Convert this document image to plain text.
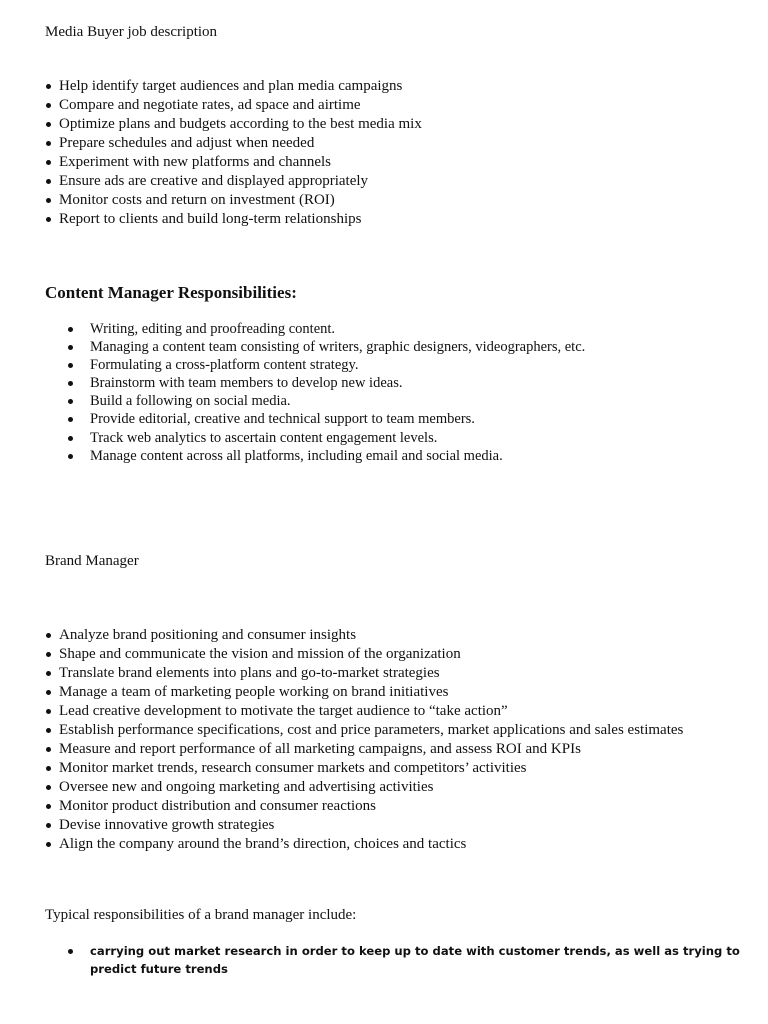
Media Buyer job description

Help identify target audiences and plan media campaigns
Compare and negotiate rates, ad space and airtime
Optimize plans and budgets according to the best media mix
Prepare schedules and adjust when needed
Experiment with new platforms and channels
Ensure ads are creative and displayed appropriately
Monitor costs and return on investment (ROI)
Report to clients and build long-term relationships
Content Manager Responsibilities:
Writing, editing and proofreading content.
Managing a content team consisting of writers, graphic designers, videographers, etc.
Formulating a cross-platform content strategy.
Brainstorm with team members to develop new ideas.
Build a following on social media.
Provide editorial, creative and technical support to team members.
Track web analytics to ascertain content engagement levels.
Manage content across all platforms, including email and social media.

Brand Manager

Analyze brand positioning and consumer insights
Shape and communicate the vision and mission of the organization
Translate brand elements into plans and go-to-market strategies
Manage a team of marketing people working on brand initiatives
Lead creative development to motivate the target audience to “take action”
Establish performance specifications, cost and price parameters, market applications and sales estimates
Measure and report performance of all marketing campaigns, and assess ROI and KPIs
Monitor market trends, research consumer markets and competitors’ activities
Oversee new and ongoing marketing and advertising activities
Monitor product distribution and consumer reactions
Devise innovative growth strategies
Align the company around the brand’s direction, choices and tactics

Typical responsibilities of a brand manager include:

carrying out market research in order to keep up to date with customer trends, as well as trying to predict future trends
